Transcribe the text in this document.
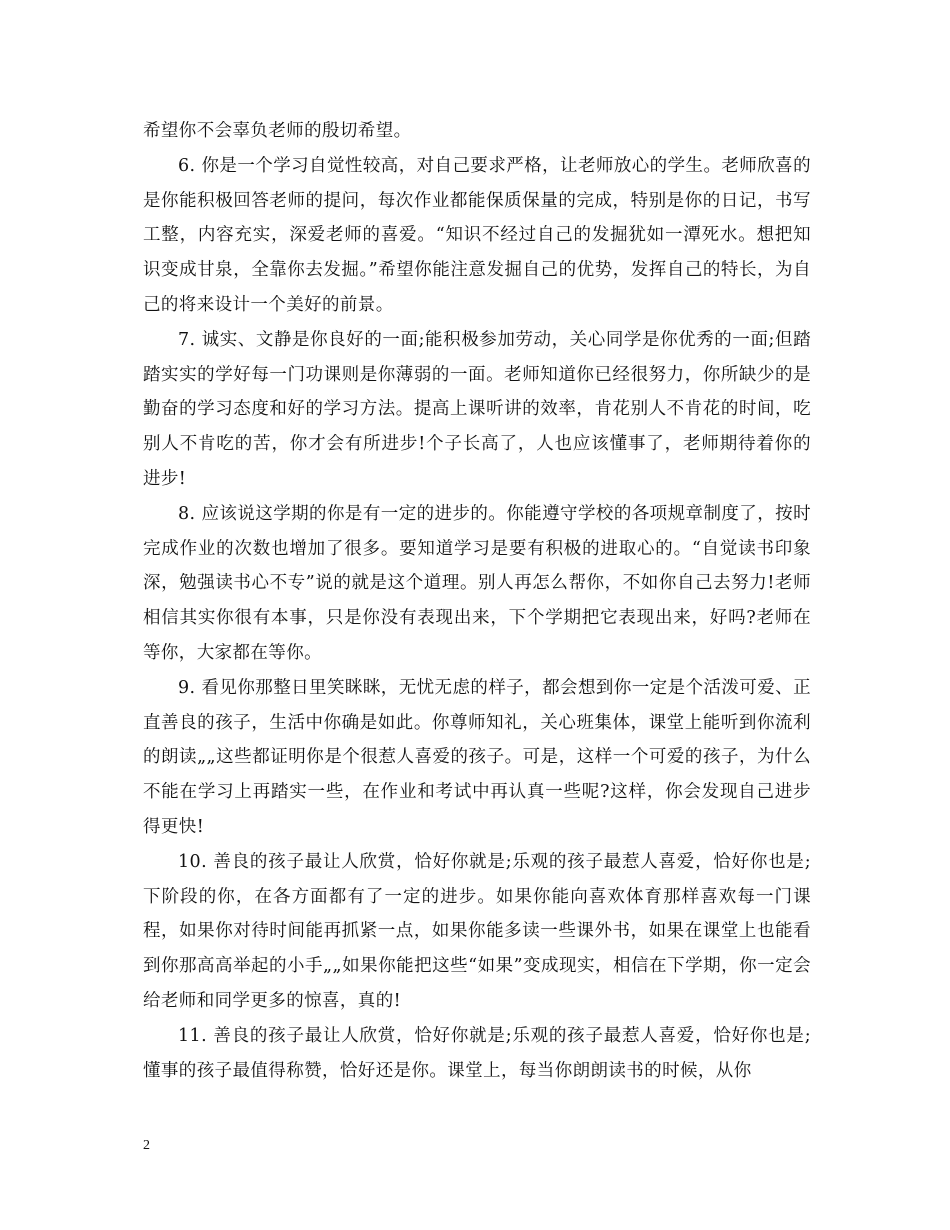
希望你不会辜负老师的殷切希望。

6. 你是一个学习自觉性较高，对自己要求严格，让老师放心的学生。老师欣喜的是你能积极回答老师的提问，每次作业都能保质保量的完成，特别是你的日记，书写工整，内容充实，深爱老师的喜爱。“知识不经过自己的发掘犹如一潭死水。想把知识变成甘泉，全靠你去发掘。”希望你能注意发掘自己的优势，发挥自己的特长，为自己的将来设计一个美好的前景。

7. 诚实、文静是你良好的一面;能积极参加劳动，关心同学是你优秀的一面;但踏踏实实的学好每一门功课则是你薄弱的一面。老师知道你已经很努力，你所缺少的是勤奋的学习态度和好的学习方法。提高上课听讲的效率，肯花别人不肯花的时间，吃别人不肯吃的苦，你才会有所进步!个子长高了，人也应该懂事了，老师期待着你的进步!

8. 应该说这学期的你是有一定的进步的。你能遵守学校的各项规章制度了，按时完成作业的次数也增加了很多。要知道学习是要有积极的进取心的。“自觉读书印象深，勉强读书心不专”说的就是这个道理。别人再怎么帮你，不如你自己去努力!老师相信其实你很有本事，只是你没有表现出来，下个学期把它表现出来，好吗?老师在等你，大家都在等你。

9. 看见你那整日里笑眯眯，无忧无虑的样子，都会想到你一定是个活泼可爱、正直善良的孩子，生活中你确是如此。你尊师知礼，关心班集体，课堂上能听到你流利的朗读„„这些都证明你是个很惹人喜爱的孩子。可是，这样一个可爱的孩子，为什么不能在学习上再踏实一些，在作业和考试中再认真一些呢?这样，你会发现自己进步得更快!

10. 善良的孩子最让人欣赏，恰好你就是;乐观的孩子最惹人喜爱，恰好你也是;下阶段的你，在各方面都有了一定的进步。如果你能向喜欢体育那样喜欢每一门课程，如果你对待时间能再抓紧一点，如果你能多读一些课外书，如果在课堂上也能看到你那高高举起的小手„„如果你能把这些“如果”变成现实，相信在下学期，你一定会给老师和同学更多的惊喜，真的!

11. 善良的孩子最让人欣赏，恰好你就是;乐观的孩子最惹人喜爱，恰好你也是;懂事的孩子最值得称赞，恰好还是你。课堂上，每当你朗朗读书的时候，从你

2
